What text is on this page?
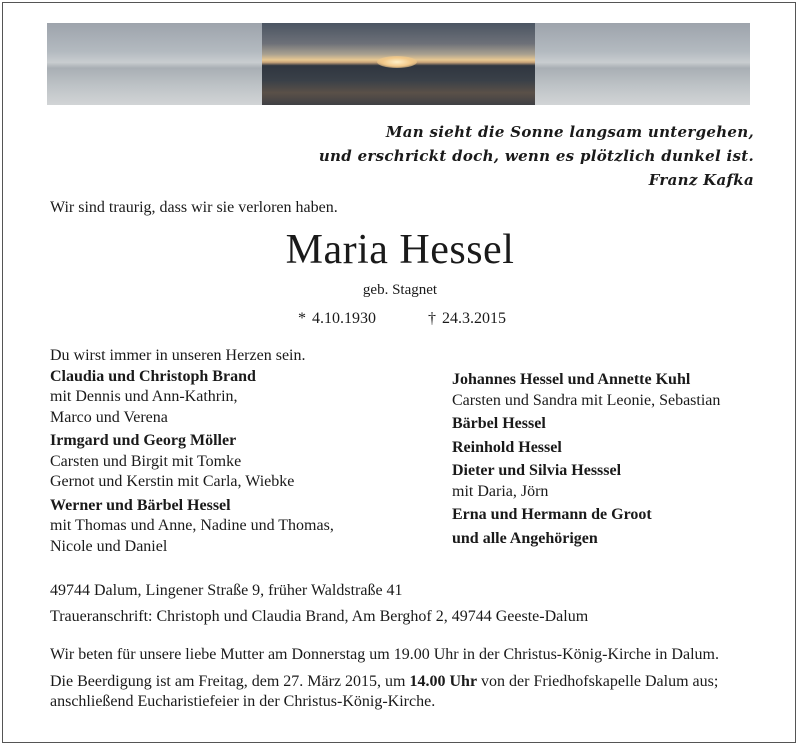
Man sieht die Sonne langsam untergehen,
und erschrickt doch, wenn es plötzlich dunkel ist.
Franz Kafka
Wir sind traurig, dass wir sie verloren haben.
Maria Hessel
geb. Stagnet
* 4.10.1930	† 24.3.2015
Du wirst immer in unseren Herzen sein.
Claudia und Christoph Brand
mit Dennis und Ann-Kathrin,
Marco und Verena
Irmgard und Georg Möller
Carsten und Birgit mit Tomke
Gernot und Kerstin mit Carla, Wiebke
Werner und Bärbel Hessel
mit Thomas und Anne, Nadine und Thomas,
Nicole und Daniel
Johannes Hessel und Annette Kuhl
Carsten und Sandra mit Leonie, Sebastian
Bärbel Hessel
Reinhold Hessel
Dieter und Silvia Hesssel
mit Daria, Jörn
Erna und Hermann de Groot
und alle Angehörigen
49744 Dalum, Lingener Straße 9, früher Waldstraße 41
Traueranschrift: Christoph und Claudia Brand, Am Berghof 2, 49744 Geeste-Dalum
Wir beten für unsere liebe Mutter am Donnerstag um 19.00 Uhr in der Christus-König-Kirche in Dalum.
Die Beerdigung ist am Freitag, dem 27. März 2015, um 14.00 Uhr von der Friedhofskapelle Dalum aus;
anschließend Eucharistiefeier in der Christus-König-Kirche.
